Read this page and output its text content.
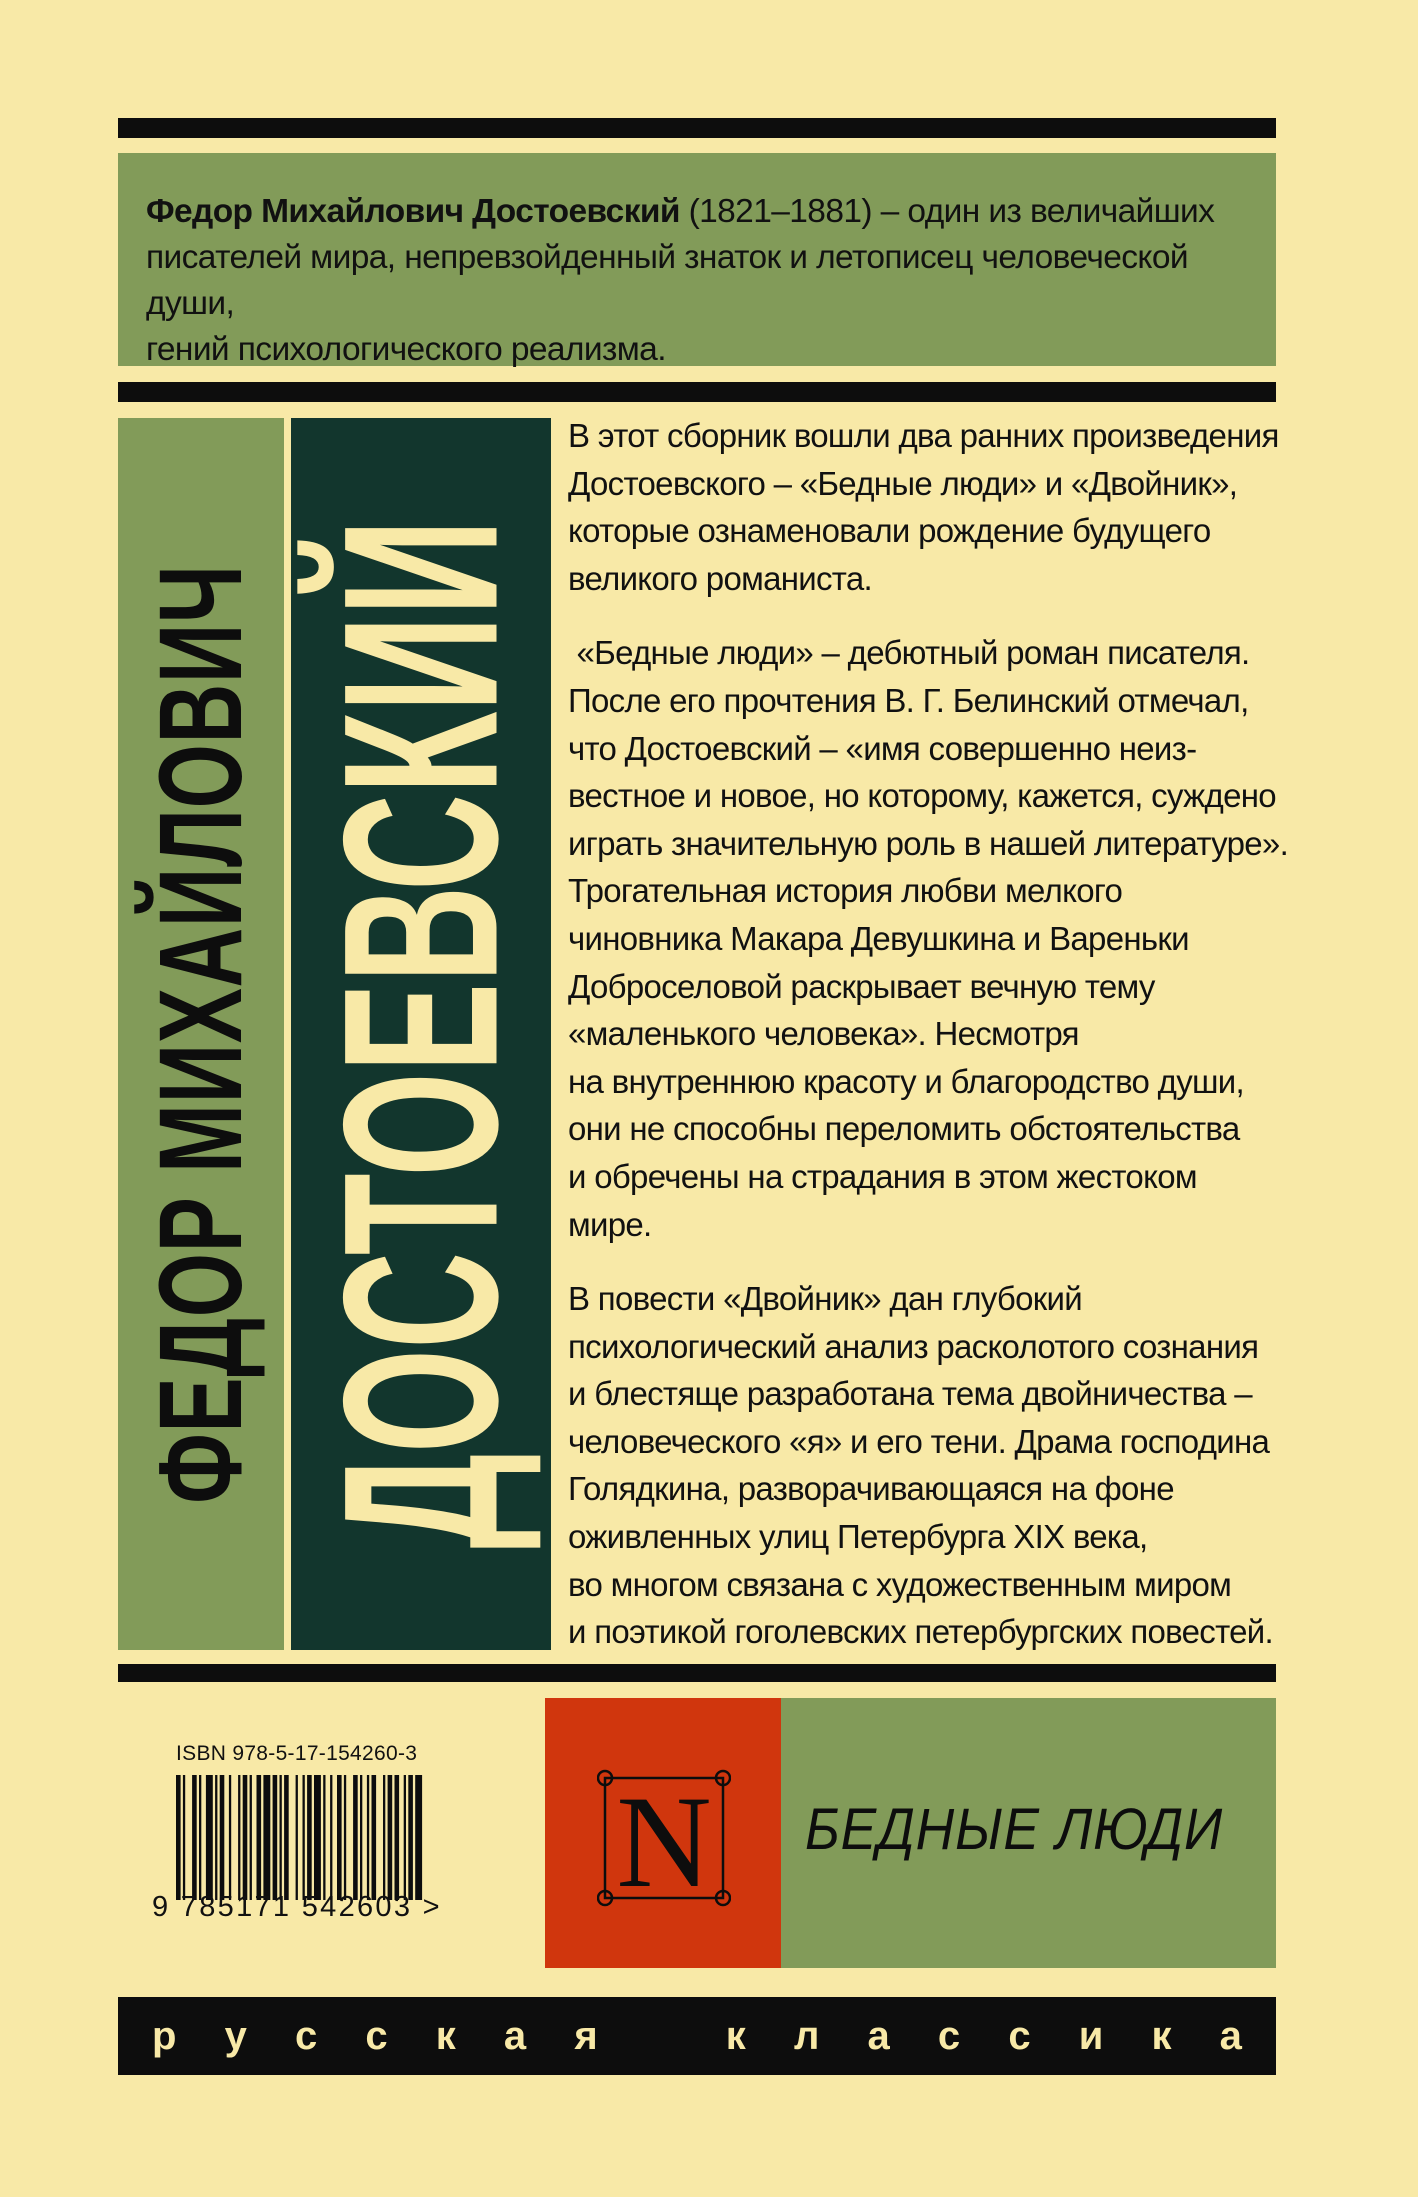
Федор Михайлович Достоевский (1821–1881) – один из величайших
писателей мира, непревзойденный знаток и летописец человеческой души,
гений психологического реализма.

ФЕДОР МИХАЙЛОВИЧ ДОСТОЕВСКИЙ

В этот сборник вошли два ранних произведения
Достоевского – «Бедные люди» и «Двойник»,
которые ознаменовали рождение будущего
великого романиста.

«Бедные люди» – дебютный роман писателя.
После его прочтения В. Г. Белинский отмечал,
что Достоевский – «имя совершенно неиз-
вестное и новое, но которому, кажется, суждено
играть значительную роль в нашей литературе».
Трогательная история любви мелкого
чиновника Макара Девушкина и Вареньки
Доброселовой раскрывает вечную тему
«маленького человека». Несмотря
на внутреннюю красоту и благородство души,
они не способны переломить обстоятельства
и обречены на страдания в этом жестоком
мире.

В повести «Двойник» дан глубокий
психологический анализ расколотого сознания
и блестяще разработана тема двойничества –
человеческого «я» и его тени. Драма господина
Голядкина, разворачивающаяся на фоне
оживленных улиц Петербурга XIX века,
во многом связана с художественным миром
и поэтикой гоголевских петербургских повестей.

ISBN 978-5-17-154260-3
9 785171 542603 > N БЕДНЫЕ ЛЮДИ
р у с с к а я	к л а с с и к а
